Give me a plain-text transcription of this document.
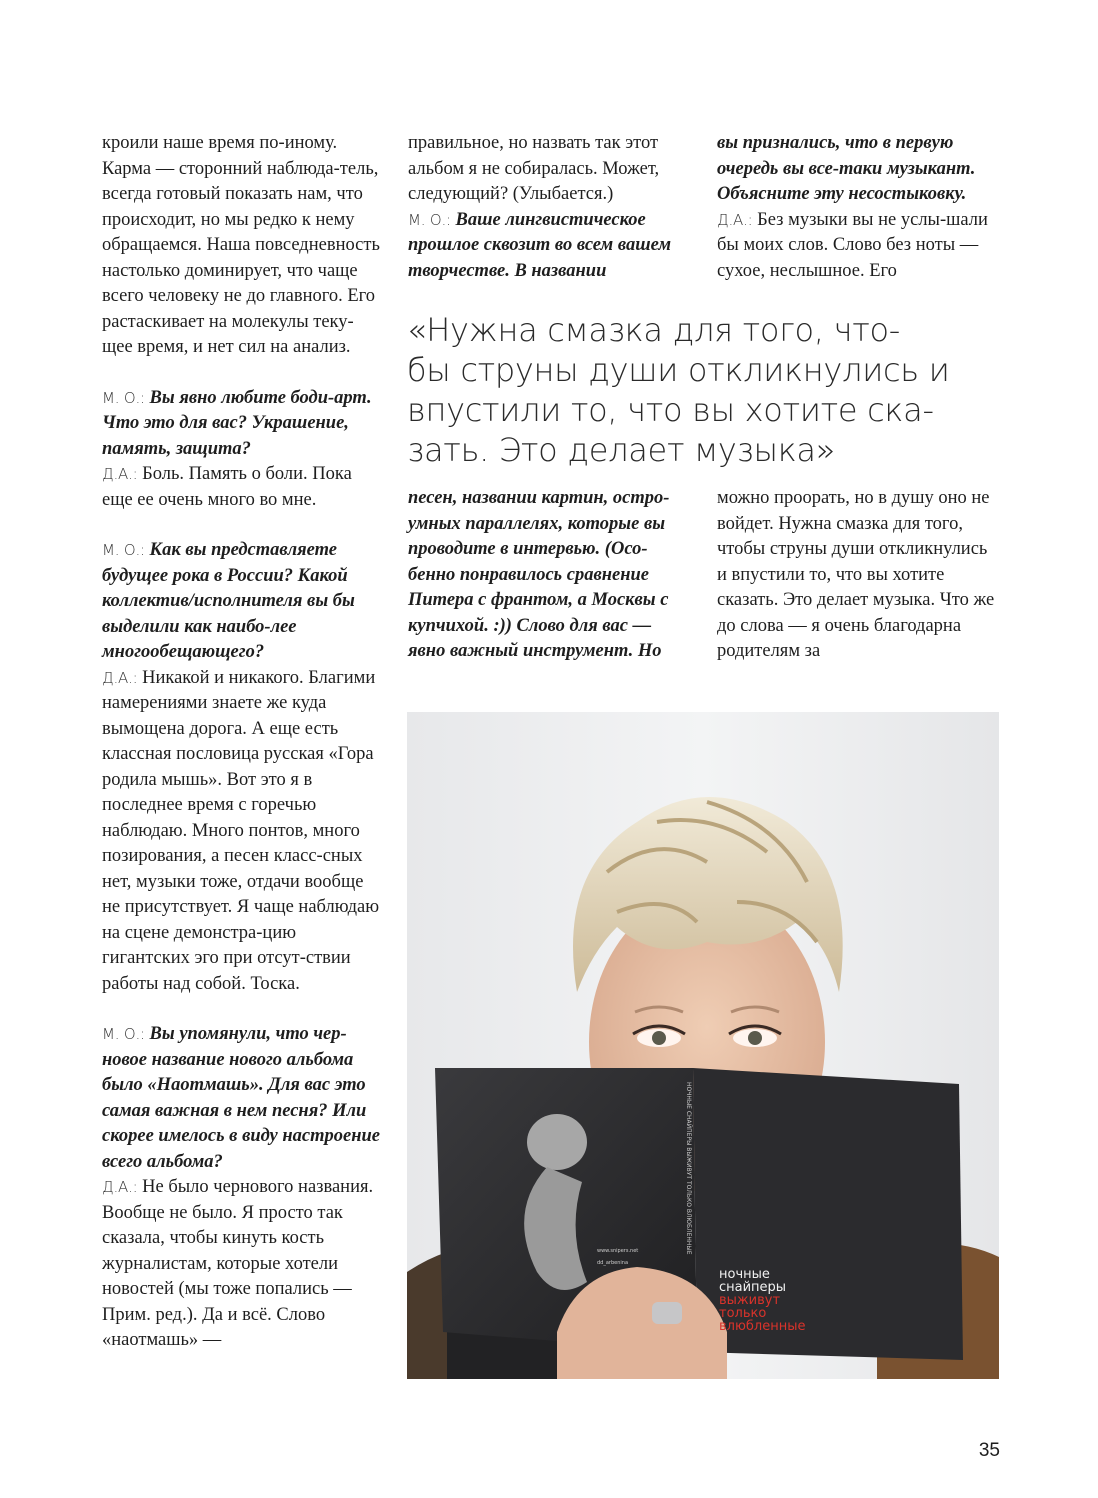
кроили наше время по-иному. Карма — сторонний наблюда-тель, всегда готовый показать нам, что происходит, но мы редко к нему обращаемся. Наша повседневность настолько доминирует, что чаще всего человеку не до главного. Его растаскивает на молекулы теку-щее время, и нет сил на анализ.

М. О.: Вы явно любите боди-арт. Что это для вас? Украшение, память, защита?
Д.А.: Боль. Память о боли. Пока еще ее очень много во мне.

М. О.: Как вы представляете будущее рока в России? Какой коллектив/исполнителя вы бы выделили как наибо-лее многообещающего?
Д.А.: Никакой и никакого. Благими намерениями знаете же куда вымощена дорога. А еще есть классная пословица русская «Гора родила мышь». Вот это я в последнее время с горечью наблюдаю. Много понтов, много позирования, а песен класс-сных нет, музыки тоже, отдачи вообще не присутствует. Я чаще наблюдаю на сцене демонстра-цию гигантских эго при отсут-ствии работы над собой. Тоска.

М. О.: Вы упомянули, что чер-новое название нового альбома было «Наотмашь». Для вас это самая важная в нем песня? Или скорее имелось в виду настроение всего альбома?
Д.А.: Не было чернового названия. Вообще не было. Я просто так сказала, чтобы кинуть кость журналистам, которые хотели новостей (мы тоже попались — Прим. ред.). Да и всё. Слово «наотмашь» —

правильное, но назвать так этот альбом я не собиралась. Может, следующий? (Улыбается.)
М. О.: Ваше лингвистическое прошлое сквозит во всем вашем творчестве. В названии

вы признались, что в первую очередь вы все-таки музыкант. Объясните эту несостыковку.
Д.А.: Без музыки вы не услы-шали бы моих слов. Слово без ноты — сухое, неслышное. Его

«Нужна смазка для того, что-
бы струны души откликнулись и
впустили то, что вы хотите ска-
зать. Это делает музыка»

песен, названии картин, остро-умных параллелях, которые вы проводите в интервью. (Осо-бенно понравилось сравнение Питера с франтом, а Москвы с купчихой. :)) Слово для вас — явно важный инструмент. Но

можно проорать, но в душу оно не войдет. Нужна смазка для того, чтобы струны души откликнулись и впустили то, что вы хотите сказать. Это делает музыка. Что же до слова — я очень благодарна родителям за

НОЧНЫЕ СНАЙПЕРЫ ВЫЖИВУТ ТОЛЬКО ВЛЮБЛЕННЫЕ
ночные
снайперы
выживут
только
влюбленные
www.snipers.net
dd_arbenina
35
